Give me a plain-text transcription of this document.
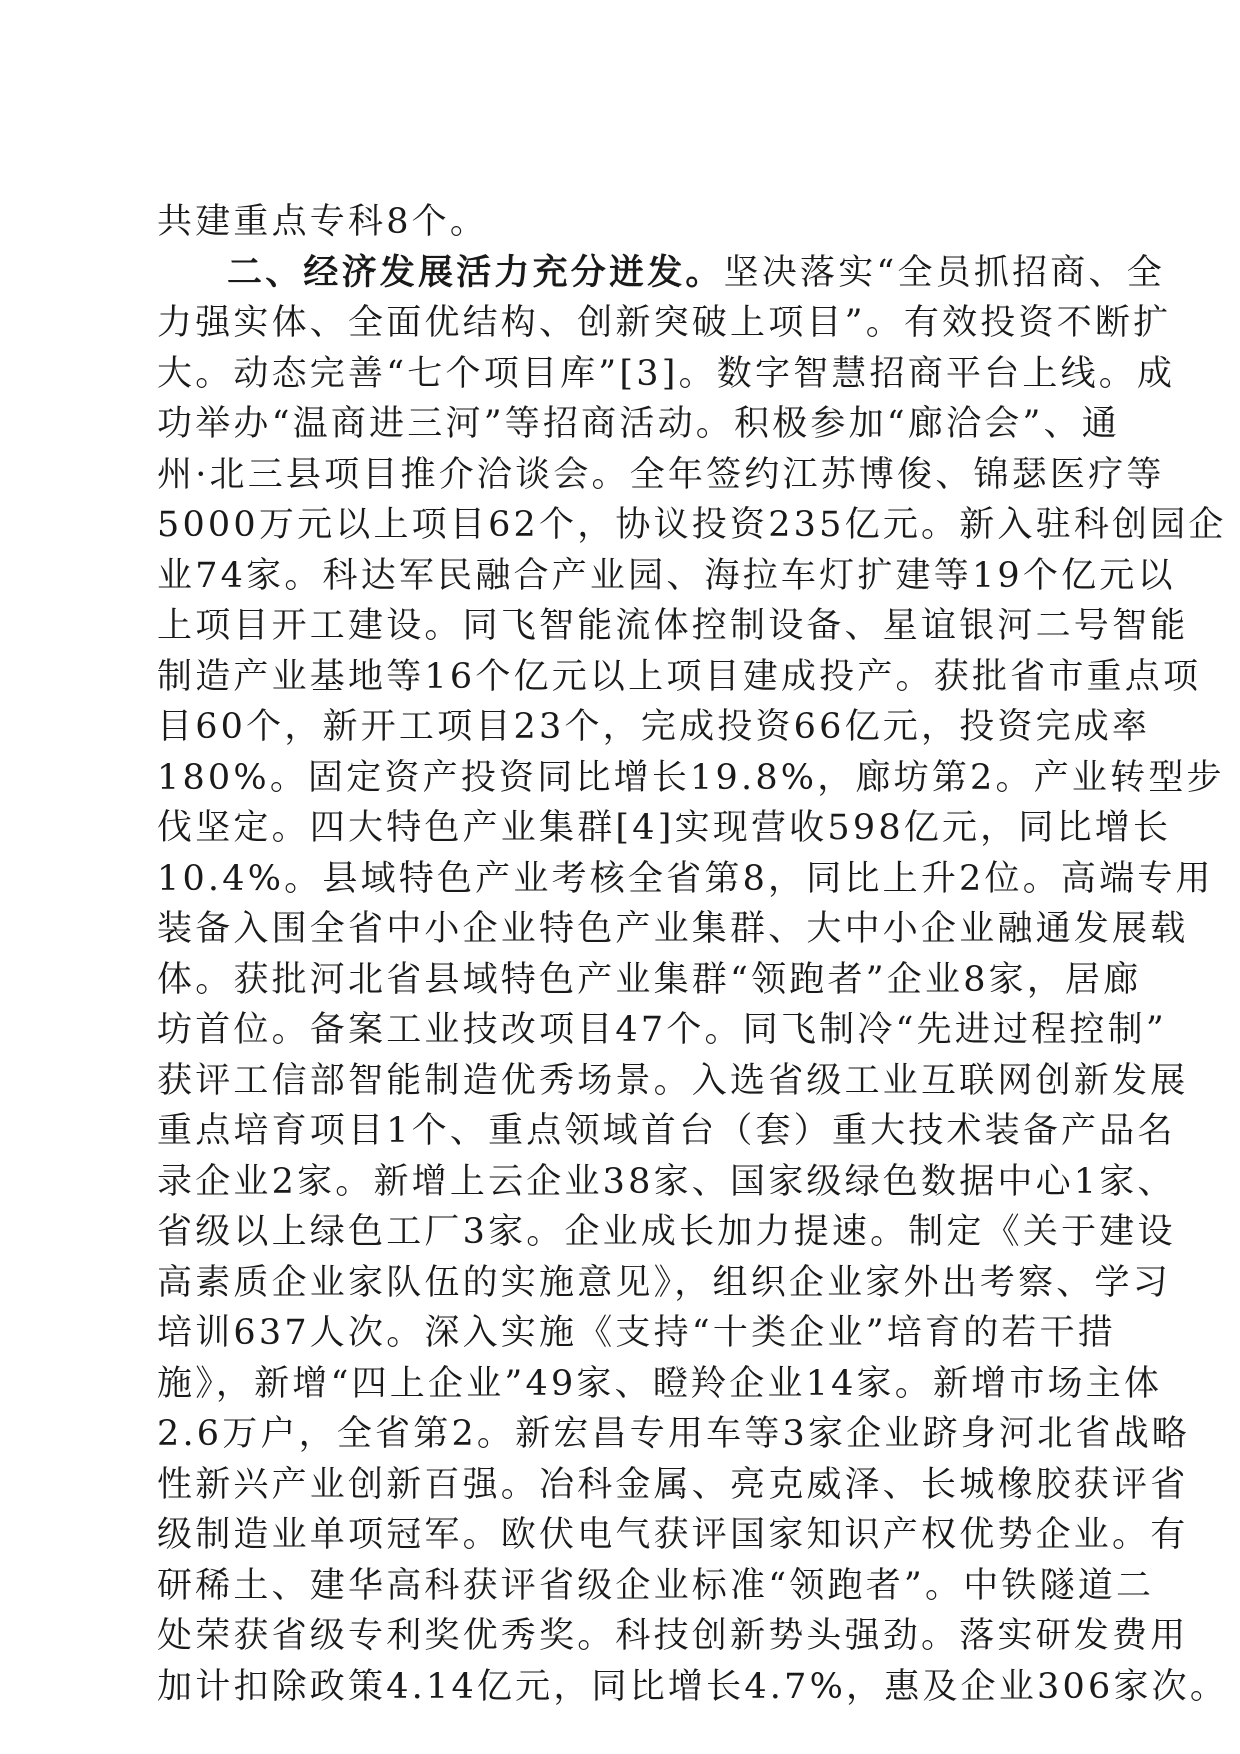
共建重点专科8个。
二、经济发展活力充分迸发。坚决落实“全员抓招商、全
力强实体、全面优结构、创新突破上项目”。有效投资不断扩
大。动态完善“七个项目库”[3]。数字智慧招商平台上线。成
功举办“温商进三河”等招商活动。积极参加“廊洽会”、通
州·北三县项目推介洽谈会。全年签约江苏博俊、锦瑟医疗等
5000万元以上项目62个，协议投资235亿元。新入驻科创园企
业74家。科达军民融合产业园、海拉车灯扩建等19个亿元以
上项目开工建设。同飞智能流体控制设备、星谊银河二号智能
制造产业基地等16个亿元以上项目建成投产。获批省市重点项
目60个，新开工项目23个，完成投资66亿元，投资完成率
180%。固定资产投资同比增长19.8%，廊坊第2。产业转型步
伐坚定。四大特色产业集群[4]实现营收598亿元，同比增长
10.4%。县域特色产业考核全省第8，同比上升2位。高端专用
装备入围全省中小企业特色产业集群、大中小企业融通发展载
体。获批河北省县域特色产业集群“领跑者”企业8家，居廊
坊首位。备案工业技改项目47个。同飞制冷“先进过程控制”
获评工信部智能制造优秀场景。入选省级工业互联网创新发展
重点培育项目1个、重点领域首台（套）重大技术装备产品名
录企业2家。新增上云企业38家、国家级绿色数据中心1家、
省级以上绿色工厂3家。企业成长加力提速。制定《关于建设
高素质企业家队伍的实施意见》，组织企业家外出考察、学习
培训637人次。深入实施《支持“十类企业”培育的若干措
施》，新增“四上企业”49家、瞪羚企业14家。新增市场主体
2.6万户，全省第2。新宏昌专用车等3家企业跻身河北省战略
性新兴产业创新百强。冶科金属、亮克威泽、长城橡胶获评省
级制造业单项冠军。欧伏电气获评国家知识产权优势企业。有
研稀土、建华高科获评省级企业标准“领跑者”。中铁隧道二
处荣获省级专利奖优秀奖。科技创新势头强劲。落实研发费用
加计扣除政策4.14亿元，同比增长4.7%，惠及企业306家次。
